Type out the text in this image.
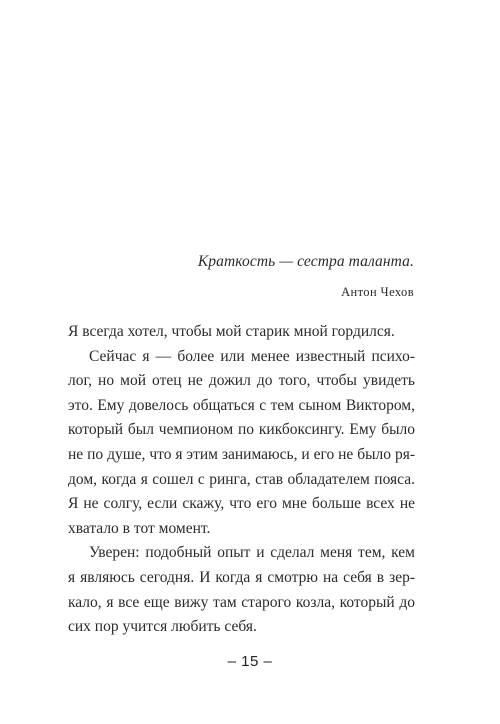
Краткость — сестра таланта.
Антон Чехов

Я всегда хотел, чтобы мой старик мной гордился.

Сейчас я — более или менее известный психо-
лог, но мой отец не дожил до того, чтобы увидеть
это. Ему довелось общаться с тем сыном Виктором,
который был чемпионом по кикбоксингу. Ему было
не по душе, что я этим занимаюсь, и его не было ря-
дом, когда я сошел с ринга, став обладателем пояса.
Я не солгу, если скажу, что его мне больше всех не
хватало в тот момент.

Уверен: подобный опыт и сделал меня тем, кем
я являюсь сегодня. И когда я смотрю на себя в зер-
кало, я все еще вижу там старого козла, который до
сих пор учится любить себя.

– 15 –
